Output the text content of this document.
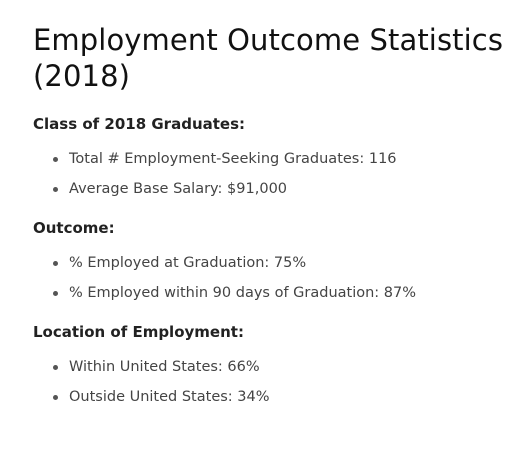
Employment Outcome Statistics (2018)
Class of 2018 Graduates:
Total # Employment-Seeking Graduates: 116
Average Base Salary: $91,000
Outcome:
% Employed at Graduation: 75%
% Employed within 90 days of Graduation: 87%
Location of Employment:
Within United States: 66%
Outside United States: 34%
